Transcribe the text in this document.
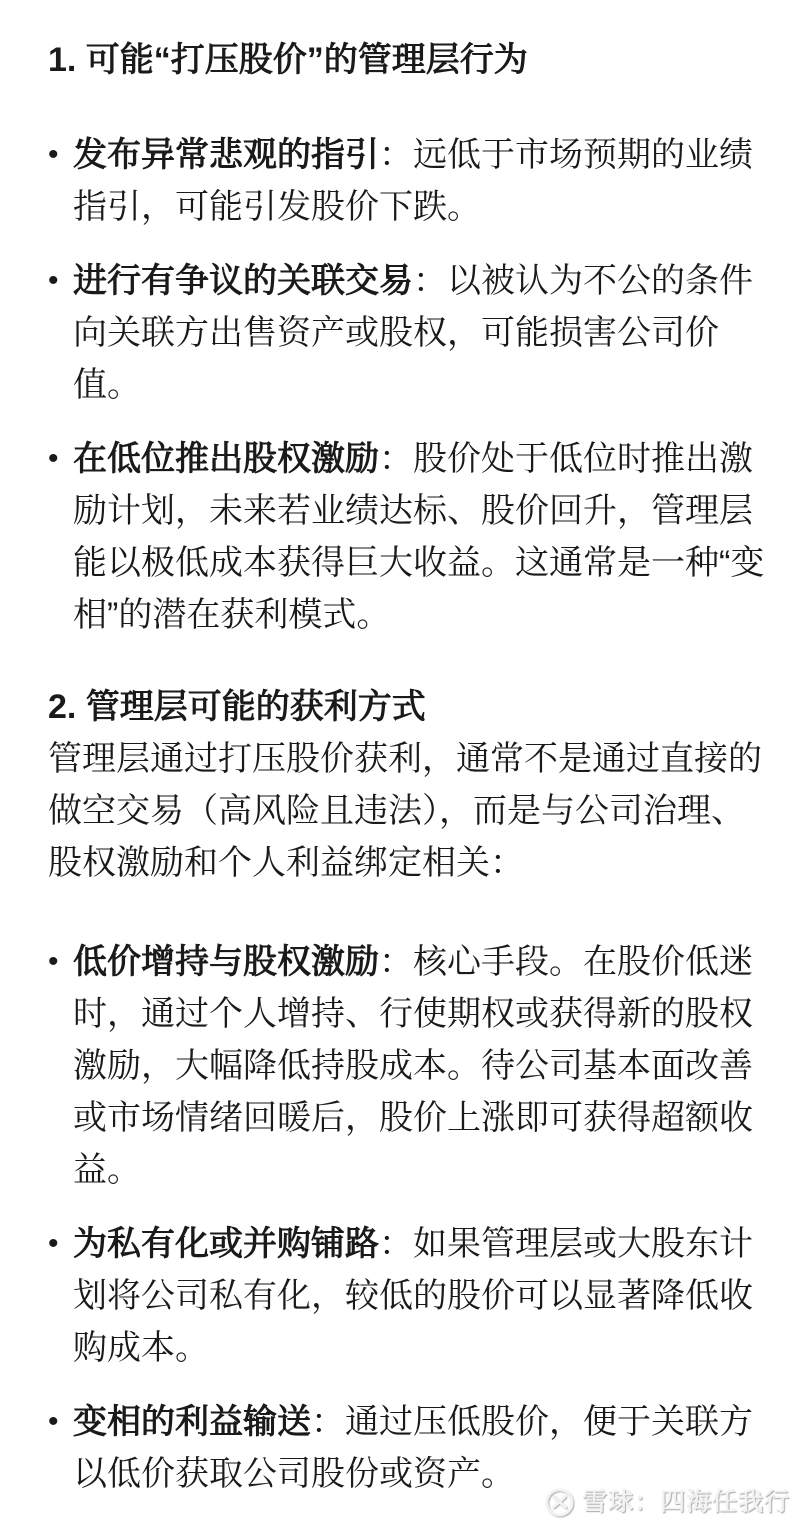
1. 可能“打压股价”的管理层行为
• 发布异常悲观的指引：远低于市场预期的业绩指引，可能引发股价下跌。

• 进行有争议的关联交易：以被认为不公的条件向关联方出售资产或股权，可能损害公司价值。

• 在低位推出股权激励：股价处于低位时推出激励计划，未来若业绩达标、股价回升，管理层能以极低成本获得巨大收益。这通常是一种“变相”的潜在获利模式。

2. 管理层可能的获利方式

管理层通过打压股价获利，通常不是通过直接的做空交易（高风险且违法），而是与公司治理、股权激励和个人利益绑定相关：

• 低价增持与股权激励：核心手段。在股价低迷时，通过个人增持、行使期权或获得新的股权激励，大幅降低持股成本。待公司基本面改善或市场情绪回暖后，股价上涨即可获得超额收益。

• 为私有化或并购铺路：如果管理层或大股东计划将公司私有化，较低的股价可以显著降低收购成本。

• 变相的利益输送：通过压低股价，便于关联方以低价获取公司股份或资产。

雪球：四海任我行
